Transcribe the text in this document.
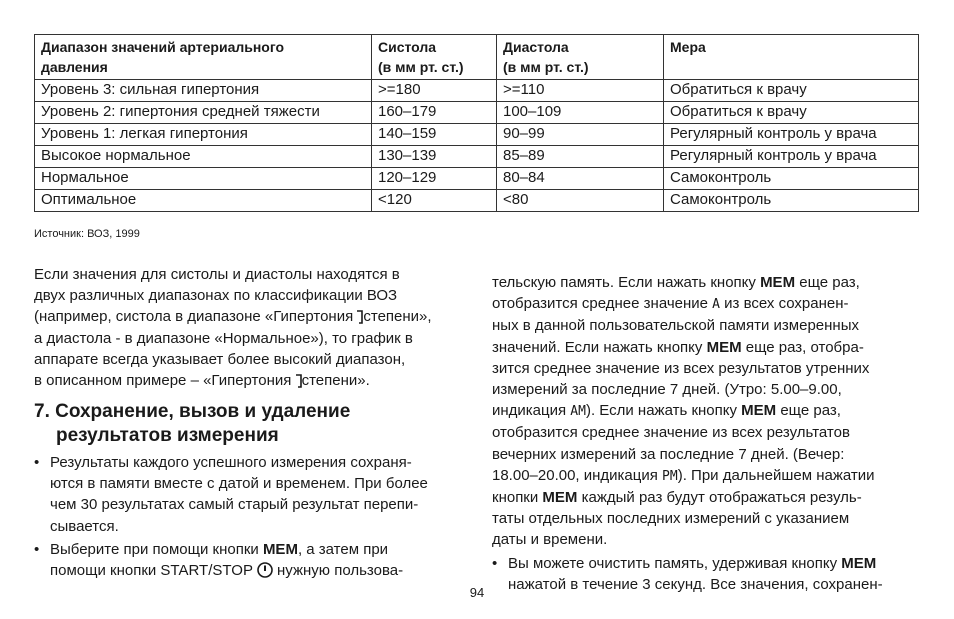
Диапазон значений артериального
давления	Систола
(в мм рт. ст.)	Диастола
(в мм рт. ст.)	Мера
Уровень 3: сильная гипертония	>=180	>=110	Обратиться к врачу
Уровень 2: гипертония средней тяжести	160–179	100–109	Обратиться к врачу
Уровень 1: легкая гипертония	140–159	90–99	Регулярный контроль у врача
Высокое нормальное	130–139	85–89	Регулярный контроль у врача
Нормальное	120–129	80–84	Самоконтроль
Оптимальное	<120	<80	Самоконтроль
Источник: ВОЗ, 1999

Если значения для систолы и диастолы находятся в

двух различных диапазонах по классификации ВОЗ

(например, систола в диапазоне «Гипертония степени»,

а диастола - в диапазоне «Нормальное»), то график в

аппарате всегда указывает более высокий диапазон,

в описанном примере – «Гипертония степени».

7. Сохранение, вызов и удаление
результатов измерения
• Результаты каждого успешного измерения сохраня-

ются в памяти вместе с датой и временем. При более

чем 30 результатах самый старый результат перепи-

сывается.

• Выберите при помощи кнопки MEM, а затем при

помощи кнопки START/STOP  нужную пользова-

тельскую память. Если нажать кнопку MEM еще раз,

отобразится среднее значение A из всех сохранен-

ных в данной пользовательской памяти измеренных

значений. Если нажать кнопку MEM еще раз, отобра-

зится среднее значение из всех результатов утренних

измерений за последние 7 дней. (Утро: 5.00–9.00,

индикация AM). Если нажать кнопку MEM еще раз,

отобразится среднее значение из всех результатов

вечерних измерений за последние 7 дней. (Вечер:

18.00–20.00, индикация PM). При дальнейшем нажатии

кнопки MEM каждый раз будут отображаться резуль-

таты отдельных последних измерений с указанием

даты и времени.

• Вы можете очистить память, удерживая кнопку MEM

нажатой в течение 3 секунд. Все значения, сохранен-

94
